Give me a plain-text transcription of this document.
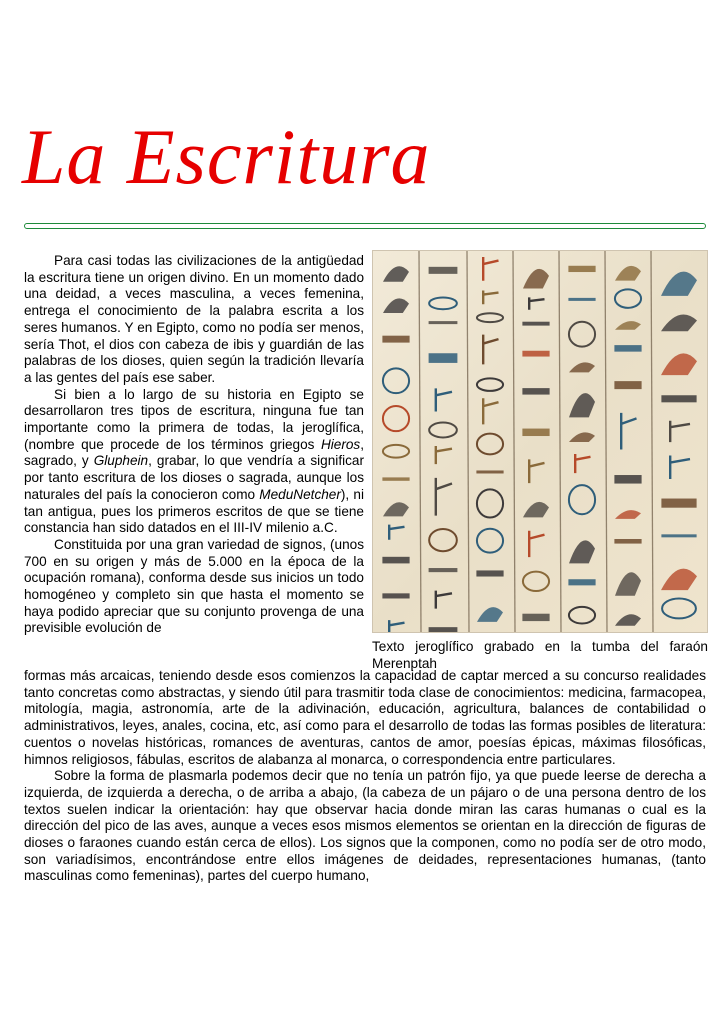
La Escritura

Para casi todas las civilizaciones de la antigüedad la escritura tiene un origen divino. En un momento dado una deidad, a veces masculina, a veces femenina, entrega el conocimiento de la palabra escrita a los seres humanos. Y en Egipto, como no podía ser menos, sería Thot, el dios con cabeza de ibis y guardián de las palabras de los dioses, quien según la tradición llevaría a las gentes del país ese saber.

Si bien a lo largo de su historia en Egipto se desarrollaron tres tipos de escritura, ninguna fue tan importante como la primera de todas, la jeroglífica, (nombre que procede de los términos griegos Hieros, sagrado, y Gluphein, grabar, lo que vendría a significar por tanto escritura de los dioses o sagrada, aunque los naturales del país la conocieron como MeduNetcher), ni tan antigua, pues los primeros escritos de que se tiene constancia han sido datados en el III-IV milenio a.C.

Constituida por una gran variedad de signos, (unos 700 en su origen y más de 5.000 en la época de la ocupación romana), conforma desde sus inicios un todo homogéneo y completo sin que hasta el momento se haya podido apreciar que su conjunto provenga de una previsible evolución de

Texto jeroglífico grabado en la tumba del faraón Merenptah

formas más arcaicas, teniendo desde esos comienzos la capacidad de captar merced a su concurso realidades tanto concretas como abstractas, y siendo útil para trasmitir toda clase de conocimientos: medicina, farmacopea, mitología, magia, astronomía, arte de la adivinación, educación, agricultura, balances de contabilidad o administrativos, leyes, anales, cocina, etc, así como para el desarrollo de todas las formas posibles de literatura: cuentos o novelas históricas, romances de aventuras, cantos de amor, poesías épicas, máximas filosóficas, himnos religiosos, fábulas, escritos de alabanza al monarca, o correspondencia entre particulares.

Sobre la forma de plasmarla podemos decir que no tenía un patrón fijo, ya que puede leerse de derecha a izquierda, de izquierda a derecha, o de arriba a abajo, (la cabeza de un pájaro o de una persona dentro de los textos suelen indicar la orientación: hay que observar hacia donde miran las caras humanas o cual es la dirección del pico de las aves, aunque a veces esos mismos elementos se orientan en la dirección de figuras de dioses o faraones cuando están cerca de ellos). Los signos que la componen, como no podía ser de otro modo, son variadísimos, encontrándose entre ellos imágenes de deidades, representaciones humanas, (tanto masculinas como femeninas), partes del cuerpo humano,
